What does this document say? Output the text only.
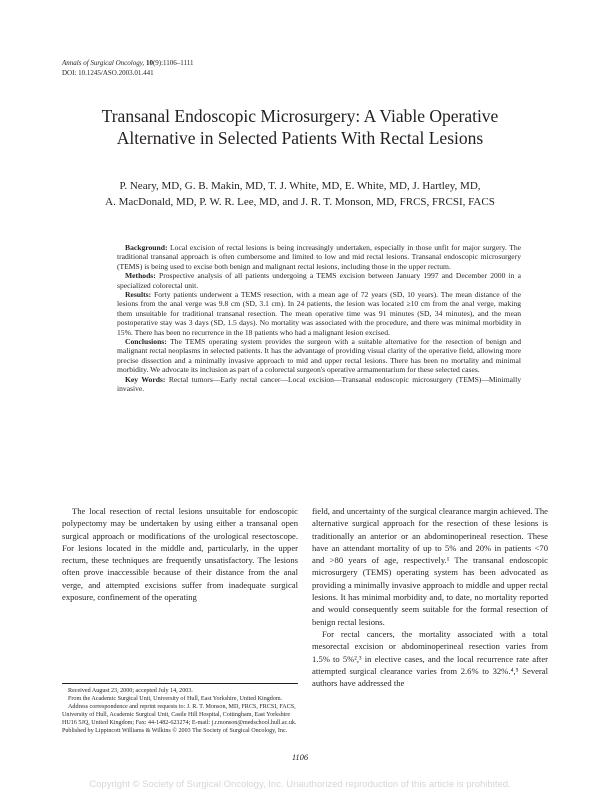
Annals of Surgical Oncology, 10(9):1106–1111
DOI: 10.1245/ASO.2003.01.441
Transanal Endoscopic Microsurgery: A Viable Operative
Alternative in Selected Patients With Rectal Lesions
P. Neary, MD, G. B. Makin, MD, T. J. White, MD, E. White, MD, J. Hartley, MD,
A. MacDonald, MD, P. W. R. Lee, MD, and J. R. T. Monson, MD, FRCS, FRCSI, FACS

Background: Local excision of rectal lesions is being increasingly undertaken, especially in those unfit for major surgery. The traditional transanal approach is often cumbersome and limited to low and mid rectal lesions. Transanal endoscopic microsurgery (TEMS) is being used to excise both benign and malignant rectal lesions, including those in the upper rectum.

Methods: Prospective analysis of all patients undergoing a TEMS excision between January 1997 and December 2000 in a specialized colorectal unit.

Results: Forty patients underwent a TEMS resection, with a mean age of 72 years (SD, 10 years). The mean distance of the lesions from the anal verge was 9.8 cm (SD, 3.1 cm). In 24 patients, the lesion was located ≥10 cm from the anal verge, making them unsuitable for traditional transanal resection. The mean operative time was 91 minutes (SD, 34 minutes), and the mean postoperative stay was 3 days (SD, 1.5 days). No mortality was associated with the procedure, and there was minimal morbidity in 15%. There has been no recurrence in the 18 patients who had a malignant lesion excised.

Conclusions: The TEMS operating system provides the surgeon with a suitable alternative for the resection of benign and malignant rectal neoplasms in selected patients. It has the advantage of providing visual clarity of the operative field, allowing more precise dissection and a minimally invasive approach to mid and upper rectal lesions. There has been no mortality and minimal morbidity. We advocate its inclusion as part of a colorectal surgeon's operative armamentarium for these selected cases.

Key Words: Rectal tumors—Early rectal cancer—Local excision—Transanal endoscopic microsurgery (TEMS)—Minimally invasive.

The local resection of rectal lesions unsuitable for endoscopic polypectomy may be undertaken by using either a transanal open surgical approach or modifications of the urological resectoscope. For lesions located in the middle and, particularly, in the upper rectum, these techniques are frequently unsatisfactory. The lesions often prove inaccessible because of their distance from the anal verge, and attempted excisions suffer from inadequate surgical exposure, confinement of the operating

field, and uncertainty of the surgical clearance margin achieved. The alternative surgical approach for the resection of these lesions is traditionally an anterior or an abdominoperineal resection. These have an attendant mortality of up to 5% and 20% in patients <70 and >80 years of age, respectively.¹ The transanal endoscopic microsurgery (TEMS) operating system has been advocated as providing a minimally invasive approach to middle and upper rectal lesions. It has minimal morbidity and, to date, no mortality reported and would consequently seem suitable for the formal resection of benign rectal lesions.

For rectal cancers, the mortality associated with a total mesorectal excision or abdominoperineal resection varies from 1.5% to 5%²,³ in elective cases, and the local recurrence rate after attempted surgical clearance varies from 2.6% to 32%.⁴,⁵ Several authors have addressed the

Received August 23, 2000; accepted July 14, 2003.

From the Academic Surgical Unit, University of Hull, East Yorkshire, United Kingdom.

Address correspondence and reprint requests to: J. R. T. Monson, MD, FRCS, FRCSI, FACS, University of Hull, Academic Surgical Unit, Castle Hill Hospital, Cottingham, East Yorkshire HU16 5JQ, United Kingdom; Fax: 44-1482-623274; E-mail: j.r.monson@medschool.hull.ac.uk.

Published by Lippincott Williams & Wilkins © 2003 The Society of Surgical Oncology, Inc.

1106
Copyright © Society of Surgical Oncology, Inc. Unauthorized reproduction of this article is prohibited.
